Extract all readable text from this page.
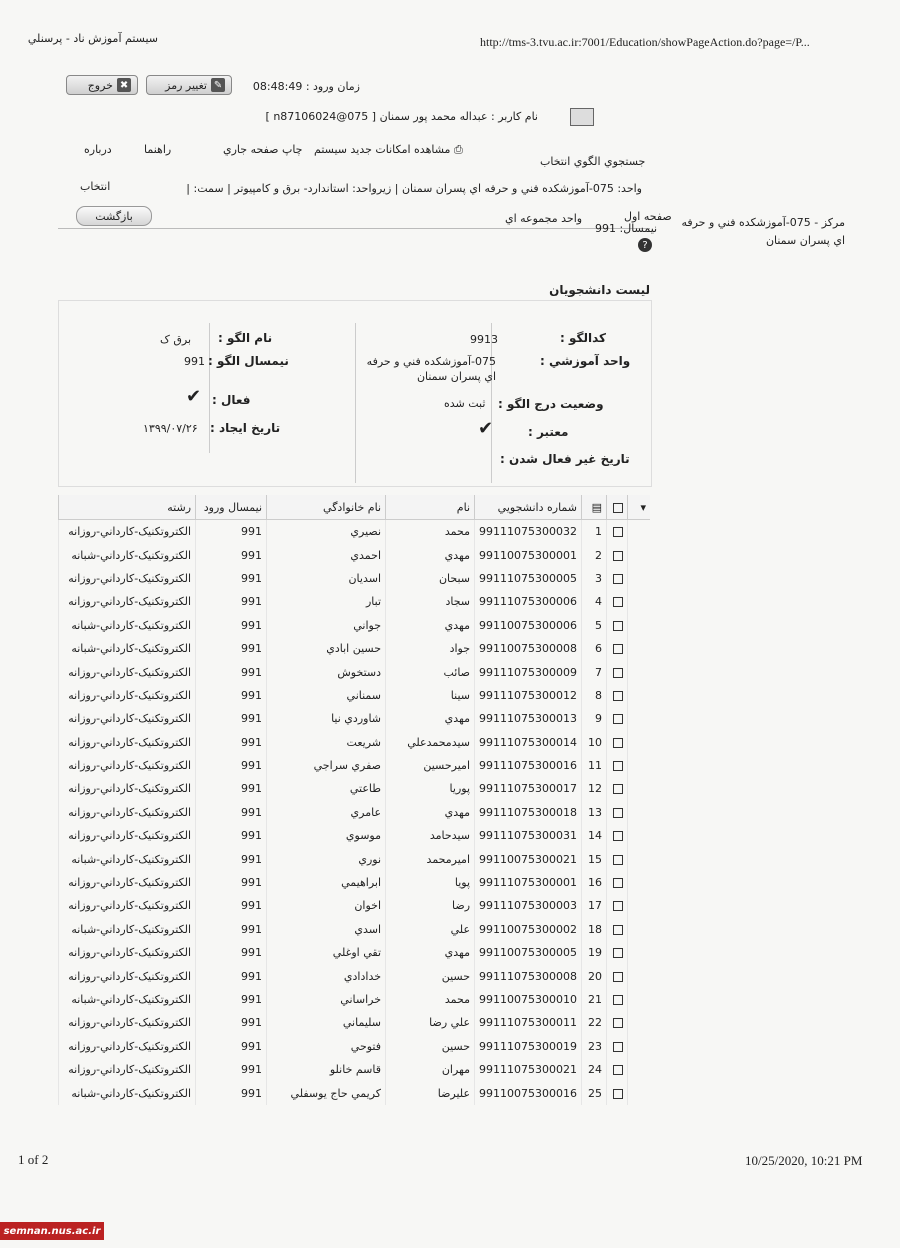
سيستم آموزش ناد - پرسنلي	http://tms-3.tvu.ac.ir:7001/Education/showPageAction.do?page=/P...
✖
خروج	✎
تغيير رمز	زمان ورود : 08:48:49
نام کاربر : عبداله محمد پور سمنان [ n87106024@075 ]
جستجوي الگوي انتخاب
⎙ مشاهده امکانات جديد سيستم
چاپ صفحه جاري
راهنما
درباره
واحد: 075-آموزشکده فني و حرفه اي پسران سمنان | زيرواحد: استاندارد- برق و کامپيوتر | سمت: |
انتخاب
بازگشت	مرکز - 075-آموزشکده فني و حرفه اي پسران سمنان
صفحه اول
واحد مجموعه اي
نيمسال: 991
?
ليست دانشجويان
کدالگو :
9913
نام الگو :
برق ک
واحد آموزشي :
075-آموزشکده فني و حرفه اي پسران سمنان
نيمسال الگو :
991
وضعيت درج الگو :
ثبت شده
فعال :
✔
تاريخ ايجاد :
۱۳۹۹/۰۷/۲۶	معتبر :
✔
تاريخ غير فعال شدن :
▾		▤	شماره دانشجويي	نام	نام خانوادگي	نيمسال ورود	رشته
		1	99111075300032	محمد	نصيري	991	الکتروتکنيک-کارداني-روزانه
		2	99110075300001	مهدي	احمدي	991	الکتروتکنيک-کارداني-شبانه
		3	99111075300005	سبحان	اسديان	991	الکتروتکنيک-کارداني-روزانه
		4	99111075300006	سجاد	تبار	991	الکتروتکنيک-کارداني-روزانه
		5	99110075300006	مهدي	جواني	991	الکتروتکنيک-کارداني-شبانه
		6	99110075300008	جواد	حسين ابادي	991	الکتروتکنيک-کارداني-شبانه
		7	99111075300009	صائب	دستخوش	991	الکتروتکنيک-کارداني-روزانه
		8	99111075300012	سينا	سمناني	991	الکتروتکنيک-کارداني-روزانه
		9	99111075300013	مهدي	شاوردي نيا	991	الکتروتکنيک-کارداني-روزانه
		10	99111075300014	سيدمحمدعلي	شريعت	991	الکتروتکنيک-کارداني-روزانه
		11	99111075300016	اميرحسين	صفري سراجي	991	الکتروتکنيک-کارداني-روزانه
		12	99111075300017	پوريا	طاعتي	991	الکتروتکنيک-کارداني-روزانه
		13	99111075300018	مهدي	عامري	991	الکتروتکنيک-کارداني-روزانه
		14	99111075300031	سيدحامد	موسوي	991	الکتروتکنيک-کارداني-روزانه
		15	99110075300021	اميرمحمد	نوري	991	الکتروتکنيک-کارداني-شبانه
		16	99111075300001	پويا	ابراهيمي	991	الکتروتکنيک-کارداني-روزانه
		17	99111075300003	رضا	اخوان	991	الکتروتکنيک-کارداني-روزانه
		18	99110075300002	علي	اسدي	991	الکتروتکنيک-کارداني-شبانه
		19	99110075300005	مهدي	تقي اوغلي	991	الکتروتکنيک-کارداني-روزانه
		20	99111075300008	حسين	خدادادي	991	الکتروتکنيک-کارداني-روزانه
		21	99110075300010	محمد	خراساني	991	الکتروتکنيک-کارداني-شبانه
		22	99111075300011	علي رضا	سليماني	991	الکتروتکنيک-کارداني-روزانه
		23	99111075300019	حسين	فتوحي	991	الکتروتکنيک-کارداني-روزانه
		24	99111075300021	مهران	قاسم خانلو	991	الکتروتکنيک-کارداني-روزانه
		25	99110075300016	عليرضا	کريمي حاج يوسفلي	991	الکتروتکنيک-کارداني-شبانه
1 of 2	10/25/2020, 10:21 PM
semnan.nus.ac.ir
